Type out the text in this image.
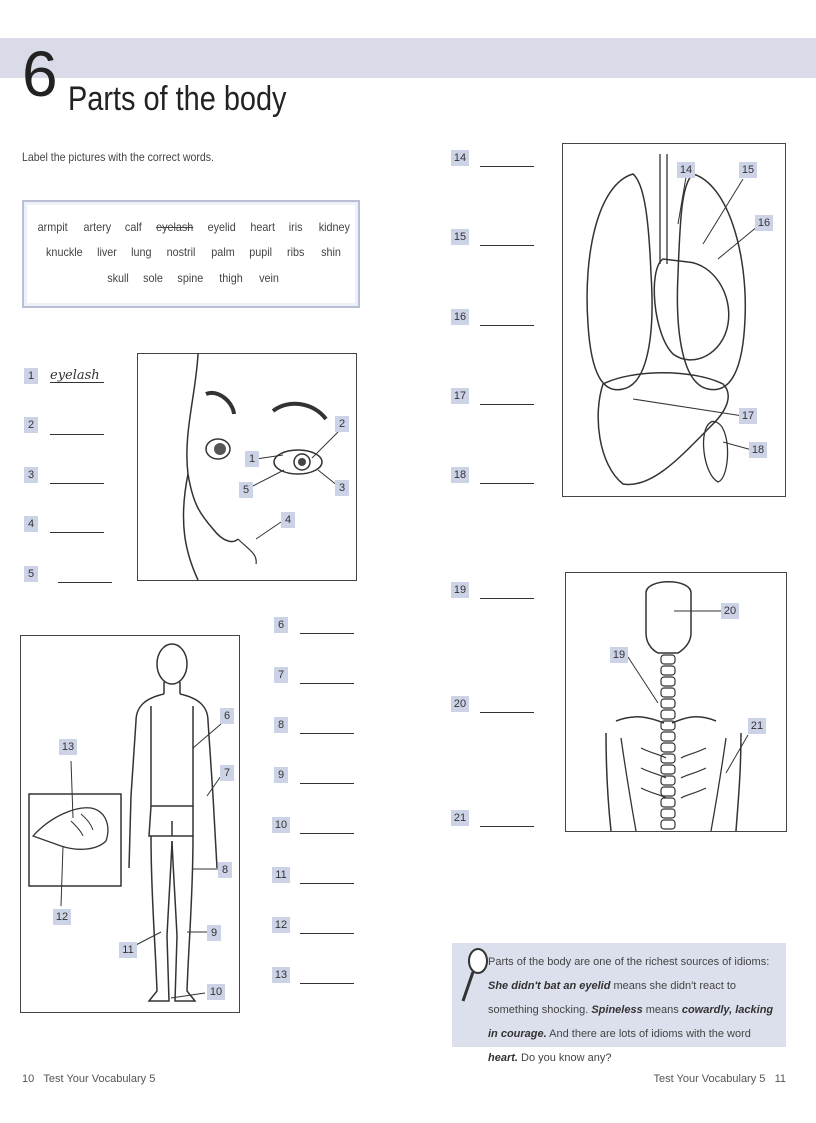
6 Parts of the body
Label the pictures with the correct words.
armpit artery calf eyelash eyelid heart iris kidney
knuckle liver lung nostril palm pupil ribs shin
skull sole spine thigh vein
1	eyelash
2
3
4
5
2
3
1
5
4
6
7
8
9
10
11
12
13
6
7
8
9
10
11
12
13
14
15
16
17
18
19
20
21
14	15
16
17
18
20
19
21
Parts of the body are one of the richest sources of idioms: She didn't bat an eyelid means she didn't react to something shocking. Spineless means cowardly, lacking in courage. And there are lots of idioms with the word heart. Do you know any?
10 Test Your Vocabulary 5	Test Your Vocabulary 5 11
